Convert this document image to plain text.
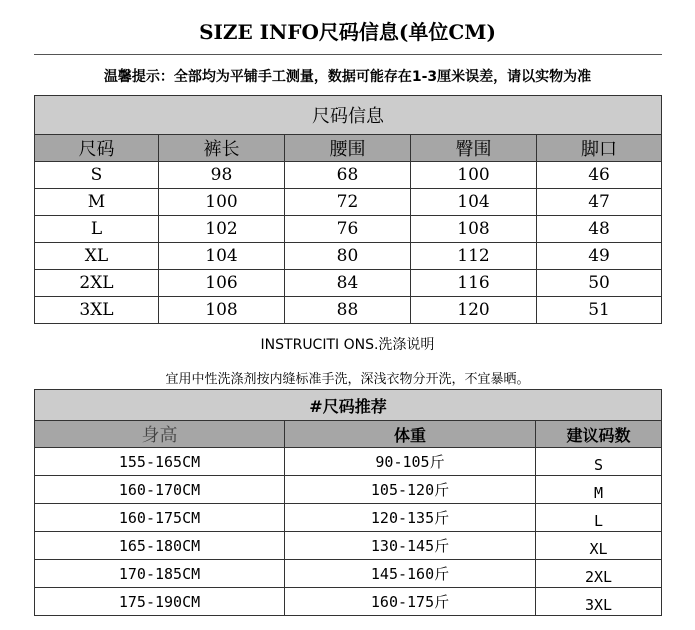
SIZE INFO尺码信息(单位CM)
温馨提示：全部均为平铺手工测量，数据可能存在1-3厘米误差，请以实物为准
尺码信息				
尺码	裤长	腰围	臀围	脚口
S	98	68	100	46
M	100	72	104	47
L	102	76	108	48
XL	104	80	112	49
2XL	106	84	116	50
3XL	108	88	120	51
INSTRUCITI ONS.洗涤说明
宜用中性洗涤剂按内缝标准手洗，深浅衣物分开洗，不宜暴晒。
#尺码推荐		
身高	体重	建议码数
155-165CM	90-105斤	S
160-170CM	105-120斤	M
160-175CM	120-135斤	L
165-180CM	130-145斤	XL
170-185CM	145-160斤	2XL
175-190CM	160-175斤	3XL
